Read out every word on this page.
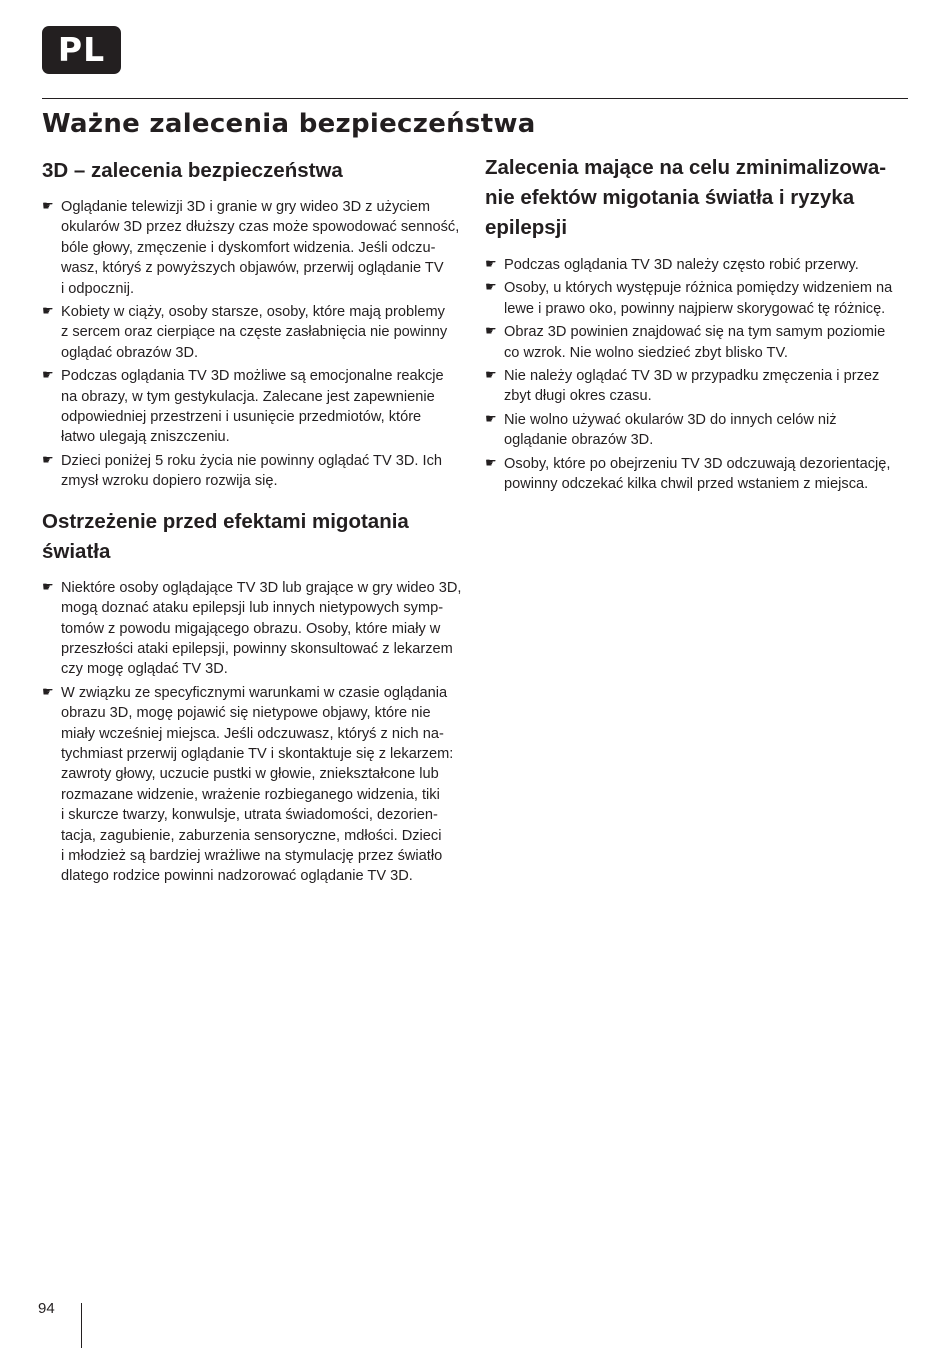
PL
Ważne zalecenia bezpieczeństwa
3D – zalecenia bezpieczeństwa
☛ Oglądanie telewizji 3D i granie w gry wideo 3D z użyciem
okularów 3D przez dłuższy czas może spowodować senność,
bóle głowy, zmęczenie i dyskomfort widzenia. Jeśli odczu-
wasz, któryś z powyższych objawów, przerwij oglądanie TV
i odpocznij.
☛ Kobiety w ciąży, osoby starsze, osoby, które mają problemy
z sercem oraz cierpiące na częste zasłabnięcia nie powinny
oglądać obrazów 3D.
☛ Podczas oglądania TV 3D możliwe są emocjonalne reakcje
na obrazy, w tym gestykulacja. Zalecane jest zapewnienie
odpowiedniej przestrzeni i usunięcie przedmiotów, które
łatwo ulegają zniszczeniu.
☛ Dzieci poniżej 5 roku życia nie powinny oglądać TV 3D. Ich
zmysł wzroku dopiero rozwija się.
Ostrzeżenie przed efektami migotania
światła
☛ Niektóre osoby oglądające TV 3D lub grające w gry wideo 3D,
mogą doznać ataku epilepsji lub innych nietypowych symp-
tomów z powodu migającego obrazu. Osoby, które miały w
przeszłości ataki epilepsji, powinny skonsultować z lekarzem
czy mogę oglądać TV 3D.
☛ W związku ze specyficznymi warunkami w czasie oglądania
obrazu 3D, mogę pojawić się nietypowe objawy, które nie
miały wcześniej miejsca. Jeśli odczuwasz, któryś z nich na-
tychmiast przerwij oglądanie TV i skontaktuje się z lekarzem:
zawroty głowy, uczucie pustki w głowie, zniekształcone lub
rozmazane widzenie, wrażenie rozbieganego widzenia, tiki
i skurcze twarzy, konwulsje, utrata świadomości, dezorien-
tacja, zagubienie, zaburzenia sensoryczne, mdłości. Dzieci
i młodzież są bardziej wrażliwe na stymulację przez światło
dlatego rodzice powinni nadzorować oglądanie TV 3D.
Zalecenia mające na celu zminimalizowa-
nie efektów migotania światła i ryzyka
epilepsji
☛ Podczas oglądania TV 3D należy często robić przerwy.
☛ Osoby, u których występuje różnica pomiędzy widzeniem na
lewe i prawo oko, powinny najpierw skorygować tę różnicę.
☛ Obraz 3D powinien znajdować się na tym samym poziomie
co wzrok. Nie wolno siedzieć zbyt blisko TV.
☛ Nie należy oglądać TV 3D w przypadku zmęczenia i przez
zbyt długi okres czasu.
☛ Nie wolno używać okularów 3D do innych celów niż
oglądanie obrazów 3D.
☛ Osoby, które po obejrzeniu TV 3D odczuwają dezorientację,
powinny odczekać kilka chwil przed wstaniem z miejsca.
94
